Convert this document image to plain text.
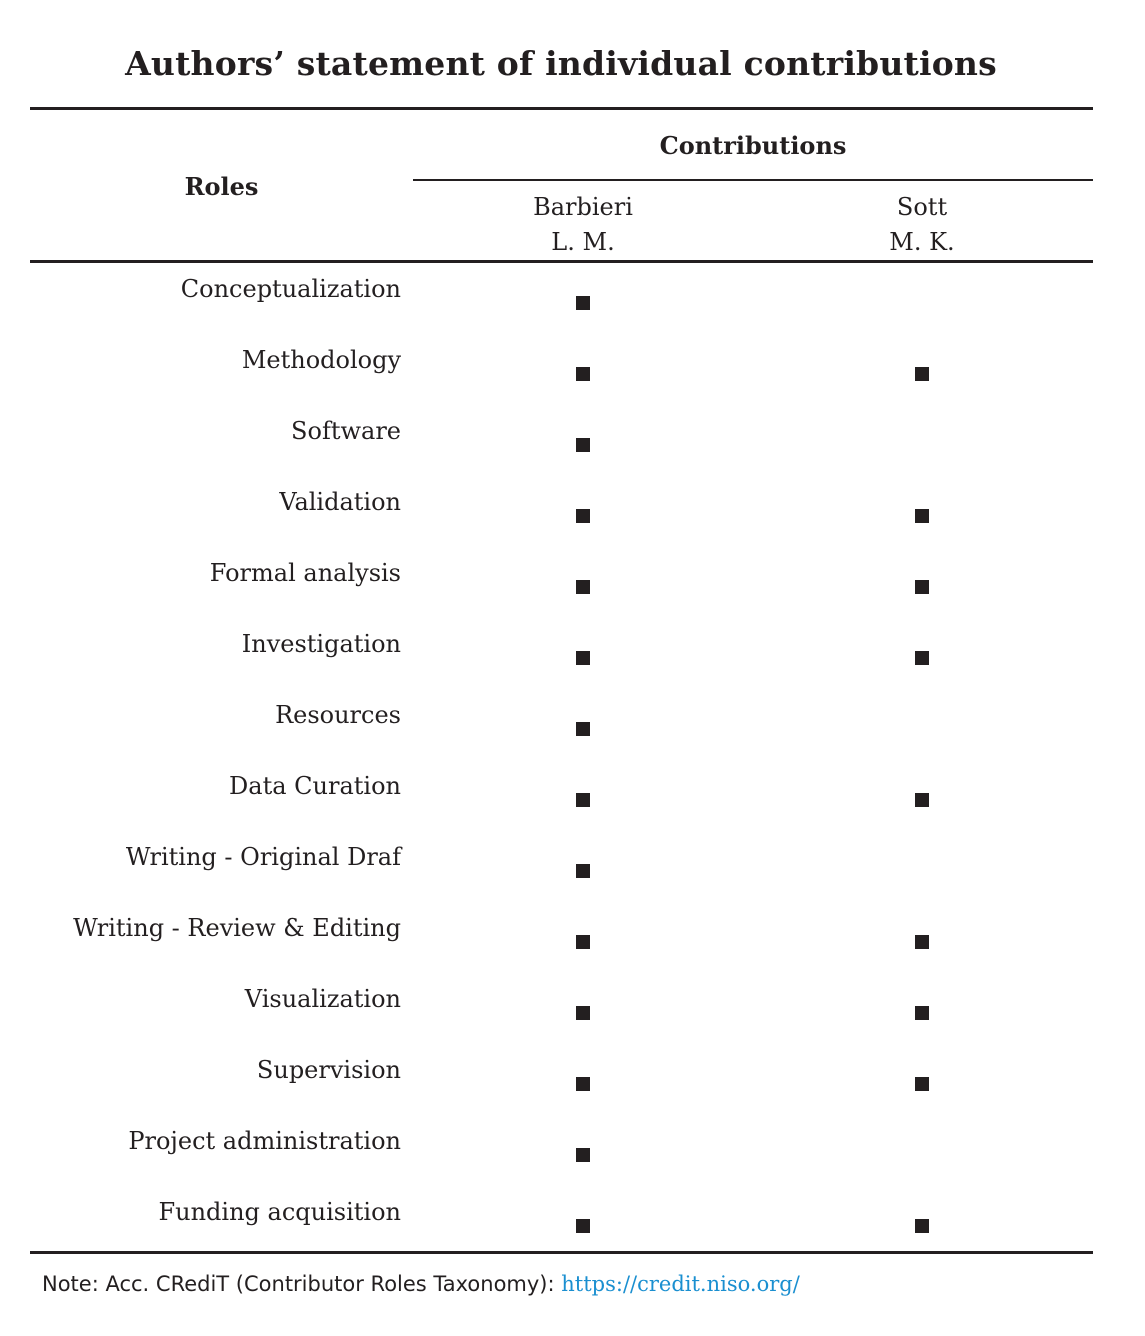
Authors’ statement of individual contributions
Roles
Contributions
Barbieri
L. M.
Sott
M. K.
Conceptualization
Methodology
Software
Validation
Formal analysis
Investigation
Resources
Data Curation
Writing - Original Draf
Writing - Review & Editing
Visualization
Supervision
Project administration
Funding acquisition
Note: Acc. CRediT (Contributor Roles Taxonomy): https://credit.niso.org/
